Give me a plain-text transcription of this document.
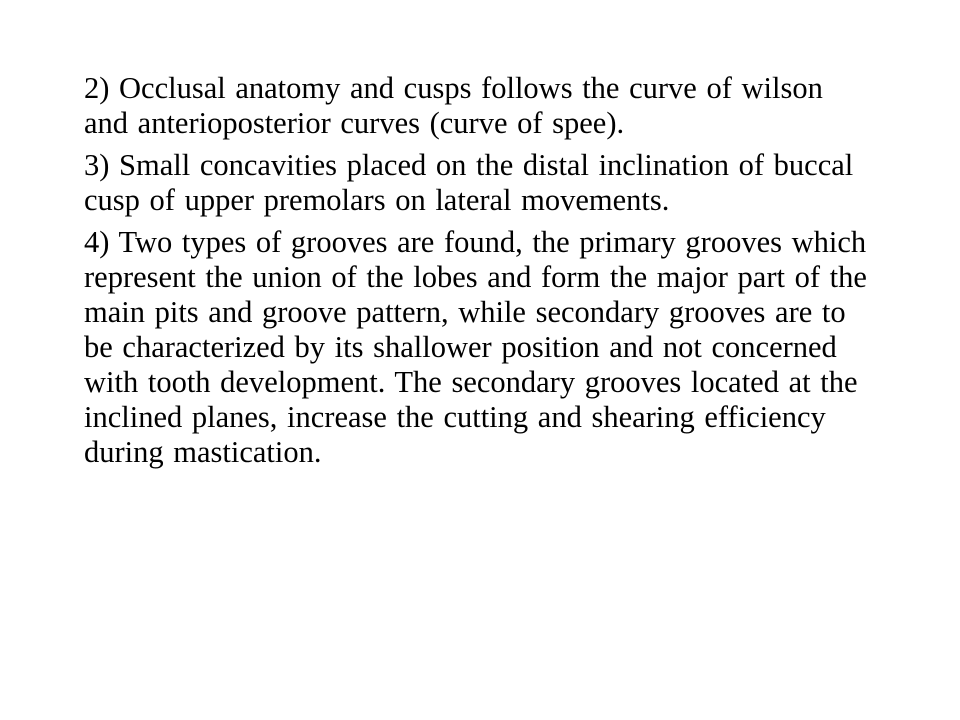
2) Occlusal anatomy and cusps follows the curve of wilson and anterioposterior curves (curve of spee).

3) Small concavities placed on the distal inclination of buccal cusp of upper premolars on lateral movements.

4) Two types of grooves are found, the primary grooves which represent the union of the lobes and form the major part of the main pits and groove pattern, while secondary grooves are to be characterized by its shallower position and not concerned with tooth development. The secondary grooves located at the inclined planes, increase the cutting and shearing efficiency during mastication.
